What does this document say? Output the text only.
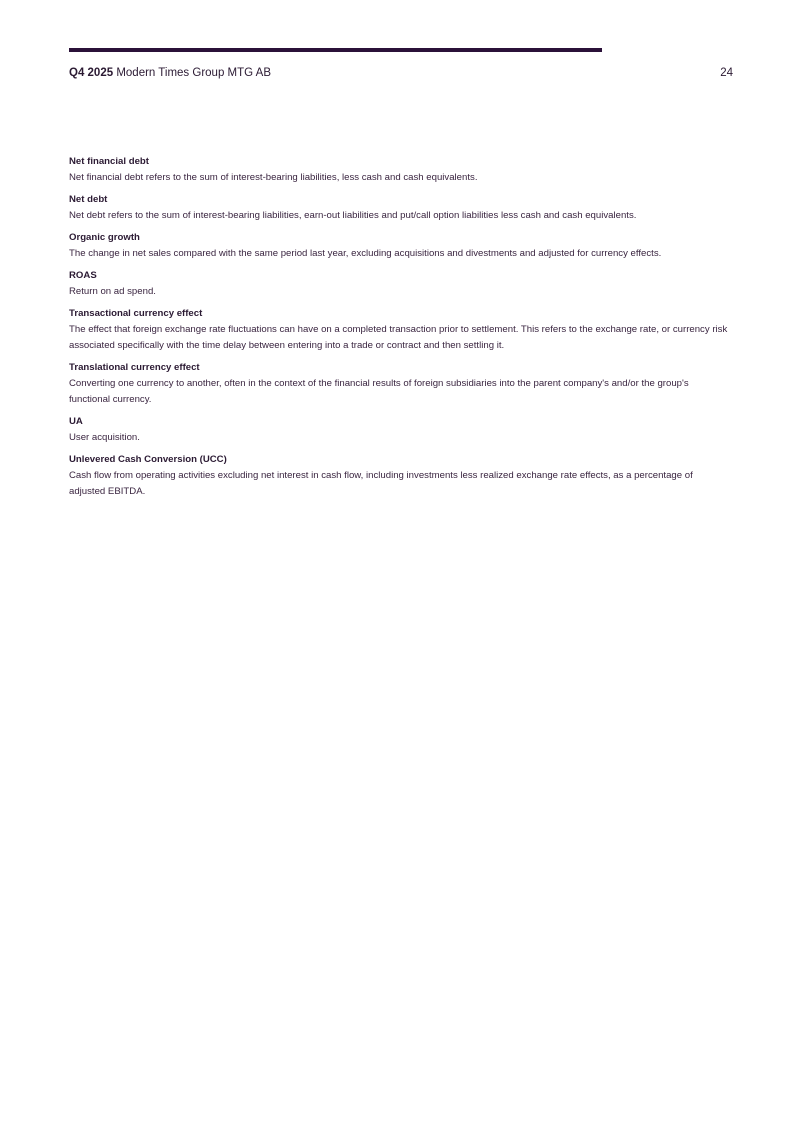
Q4 2025 Modern Times Group MTG AB	24
Net financial debt
Net financial debt refers to the sum of interest-bearing liabilities, less cash and cash equivalents.
Net debt
Net debt refers to the sum of interest-bearing liabilities, earn-out liabilities and put/call option liabilities less cash and cash equivalents.
Organic growth
The change in net sales compared with the same period last year, excluding acquisitions and divestments and adjusted for currency effects.
ROAS
Return on ad spend.
Transactional currency effect
The effect that foreign exchange rate fluctuations can have on a completed transaction prior to settlement. This refers to the exchange rate, or currency risk associated specifically with the time delay between entering into a trade or contract and then settling it.
Translational currency effect
Converting one currency to another, often in the context of the financial results of foreign subsidiaries into the parent company's and/or the group's functional currency.
UA
User acquisition.
Unlevered Cash Conversion (UCC)
Cash flow from operating activities excluding net interest in cash flow, including investments less realized exchange rate effects, as a percentage of adjusted EBITDA.
